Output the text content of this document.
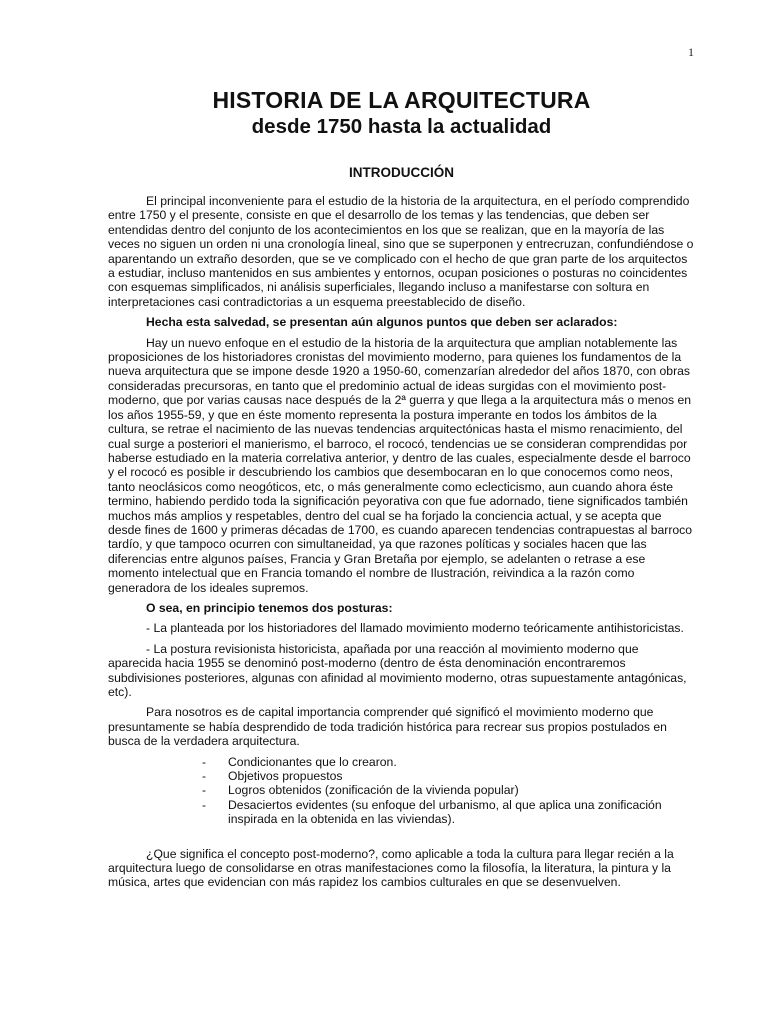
1
HISTORIA DE LA ARQUITECTURA
desde 1750 hasta la actualidad
INTRODUCCIÓN

El principal inconveniente para el estudio de la historia de la arquitectura, en el período comprendido entre 1750 y el presente, consiste en que el desarrollo de los temas y las tendencias, que deben ser entendidas dentro del conjunto de los acontecimientos en los que se realizan, que en la mayoría de las veces no siguen un orden ni una cronología lineal, sino que se superponen y entrecruzan, confundiéndose o aparentando un extraño desorden, que se ve complicado con el hecho de que gran parte de los arquitectos a estudiar, incluso mantenidos en sus ambientes y entornos, ocupan posiciones o posturas no coincidentes con esquemas simplificados, ni análisis superficiales, llegando incluso a manifestarse con soltura en interpretaciones casi contradictorias a un esquema preestablecido de diseño.

Hecha esta salvedad, se presentan aún algunos puntos que deben ser aclarados:

Hay un nuevo enfoque en el estudio de la historia de la arquitectura que amplian notablemente las proposiciones de los historiadores cronistas del movimiento moderno, para quienes los fundamentos de la nueva arquitectura que se impone desde 1920 a 1950-60, comenzarían alrededor del años 1870, con obras consideradas precursoras, en tanto que el predominio actual de ideas surgidas con el movimiento post-moderno, que por varias causas nace después de la 2ª guerra y que llega a la arquitectura más o menos en los años 1955-59, y que en éste momento representa la postura imperante en todos los ámbitos de la cultura, se retrae el nacimiento de las nuevas tendencias arquitectónicas hasta el mismo renacimiento, del cual surge a posteriori el manierismo, el barroco, el rococó, tendencias ue se consideran comprendidas por haberse estudiado en la materia correlativa anterior, y dentro de las cuales, especialmente desde el barroco y el rococó es posible ir descubriendo los cambios que desembocaran en lo que conocemos como neos, tanto neoclásicos como neogóticos, etc, o más generalmente como eclecticismo, aun cuando ahora éste termino, habiendo perdido toda la significación peyorativa con que fue adornado, tiene significados también muchos más amplios y respetables, dentro del cual se ha forjado la conciencia actual, y se acepta que desde fines de 1600 y primeras décadas de 1700, es cuando aparecen tendencias contrapuestas al barroco tardío, y que tampoco ocurren con simultaneidad, ya que razones políticas y sociales hacen que las diferencias entre algunos países, Francia y Gran Bretaña por ejemplo, se adelanten o retrase a ese momento intelectual que en Francia tomando el nombre de Ilustración, reivindica a la razón como generadora de los ideales supremos.

O sea, en principio tenemos dos posturas:

- La planteada por los historiadores del llamado movimiento moderno teóricamente antihistoricistas.

- La postura revisionista historicista, apañada por una reacción al movimiento moderno que aparecida hacia 1955 se denominó post-moderno (dentro de ésta denominación encontraremos subdivisiones posteriores, algunas con afinidad al movimiento moderno, otras supuestamente antagónicas, etc).

Para nosotros es de capital importancia comprender qué significó el movimiento moderno que presuntamente se había desprendido de toda tradición histórica para recrear sus propios postulados en busca de la verdadera arquitectura.

- Condicionantes que lo crearon.
- Objetivos propuestos
- Logros obtenidos (zonificación de la vivienda popular)
- Desaciertos evidentes (su enfoque del urbanismo, al que aplica una zonificación inspirada en la obtenida en las viviendas).

¿Que significa el concepto post-moderno?, como aplicable a toda la cultura para llegar recién a la arquitectura luego de consolidarse en otras manifestaciones como la filosofía, la literatura, la pintura y la música, artes que evidencian con más rapidez los cambios culturales en que se desenvuelven.
